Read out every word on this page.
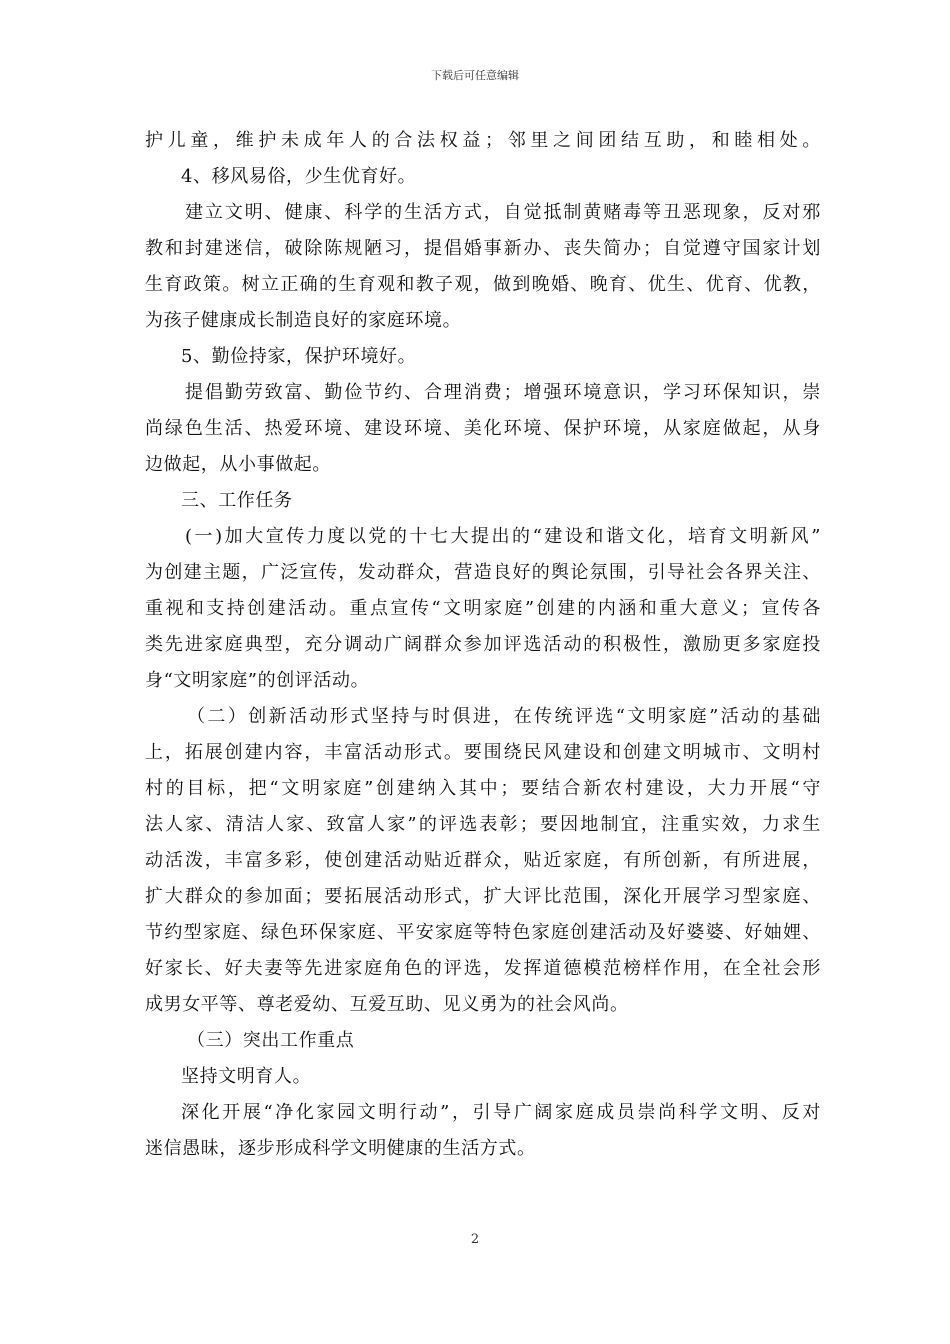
下载后可任意编辑
护儿童，维护未成年人的合法权益；邻里之间团结互助，和睦相处。
4、移风易俗，少生优育好。
建立文明、健康、科学的生活方式，自觉抵制黄赌毒等丑恶现象，反对邪
教和封建迷信，破除陈规陋习，提倡婚事新办、丧失简办；自觉遵守国家计划
生育政策。树立正确的生育观和教子观，做到晚婚、晚育、优生、优育、优教，
为孩子健康成长制造良好的家庭环境。
5、勤俭持家，保护环境好。
提倡勤劳致富、勤俭节约、合理消费；增强环境意识，学习环保知识，崇
尚绿色生活、热爱环境、建设环境、美化环境、保护环境，从家庭做起，从身
边做起，从小事做起。
三、工作任务
(一)加大宣传力度以党的十七大提出的“建设和谐文化，培育文明新风”
为创建主题，广泛宣传，发动群众，营造良好的舆论氛围，引导社会各界关注、
重视和支持创建活动。重点宣传“文明家庭”创建的内涵和重大意义；宣传各
类先进家庭典型，充分调动广阔群众参加评选活动的积极性，激励更多家庭投
身“文明家庭”的创评活动。
（二）创新活动形式坚持与时俱进，在传统评选“文明家庭”活动的基础
上，拓展创建内容，丰富活动形式。要围绕民风建设和创建文明城市、文明村
村的目标，把“文明家庭”创建纳入其中；要结合新农村建设，大力开展“守
法人家、清洁人家、致富人家”的评选表彰；要因地制宜，注重实效，力求生
动活泼，丰富多彩，使创建活动贴近群众，贴近家庭，有所创新，有所进展，
扩大群众的参加面；要拓展活动形式，扩大评比范围，深化开展学习型家庭、
节约型家庭、绿色环保家庭、平安家庭等特色家庭创建活动及好婆婆、好妯娌、
好家长、好夫妻等先进家庭角色的评选，发挥道德模范榜样作用，在全社会形
成男女平等、尊老爱幼、互爱互助、见义勇为的社会风尚。
（三）突出工作重点
坚持文明育人。
深化开展“净化家园文明行动”，引导广阔家庭成员崇尚科学文明、反对
迷信愚昧，逐步形成科学文明健康的生活方式。
2
